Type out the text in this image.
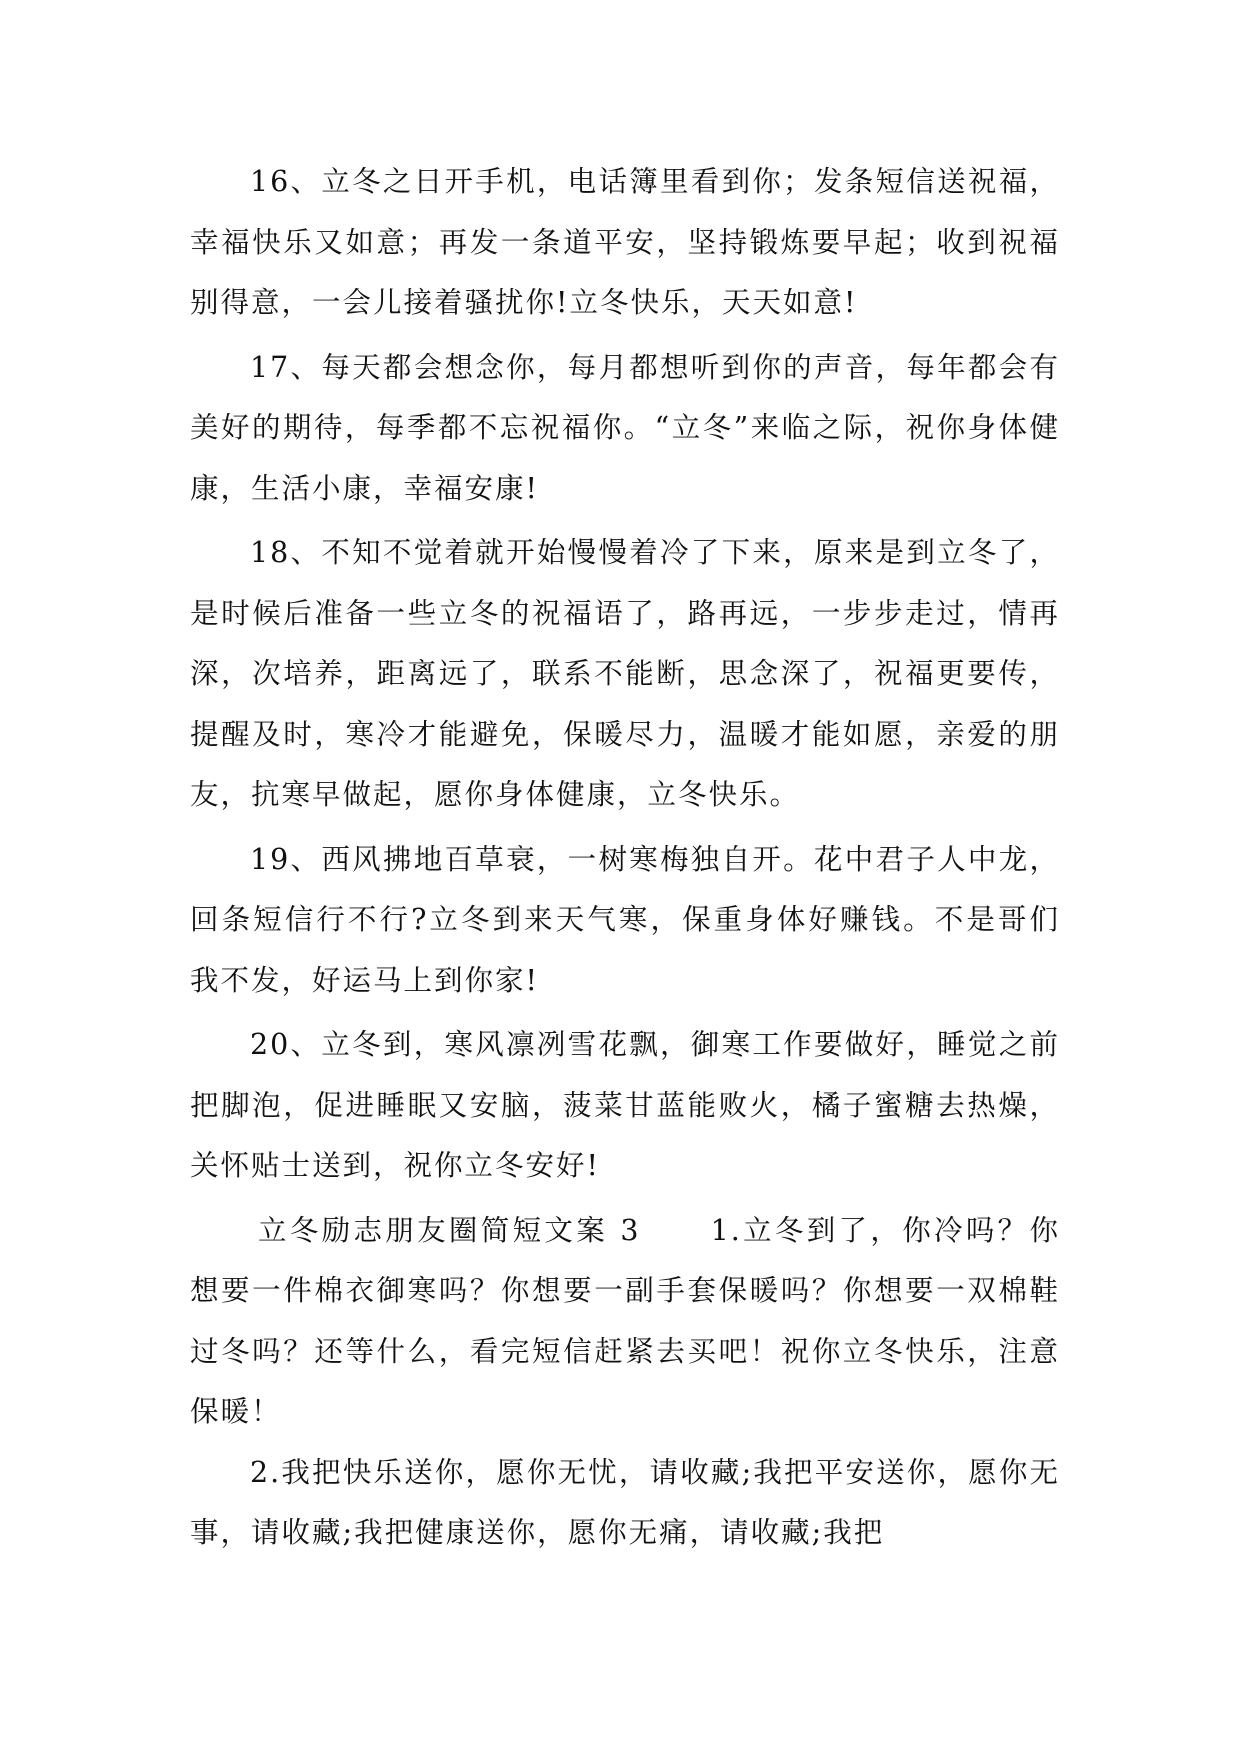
16、立冬之日开手机，电话簿里看到你；发条短信送祝福，幸福快乐又如意；再发一条道平安，坚持锻炼要早起；收到祝福别得意，一会儿接着骚扰你!立冬快乐，天天如意!

17、每天都会想念你，每月都想听到你的声音，每年都会有美好的期待，每季都不忘祝福你。“立冬”来临之际，祝你身体健康，生活小康，幸福安康!

18、不知不觉着就开始慢慢着冷了下来，原来是到立冬了，是时候后准备一些立冬的祝福语了，路再远，一步步走过，情再深，次培养，距离远了，联系不能断，思念深了，祝福更要传，提醒及时，寒冷才能避免，保暖尽力，温暖才能如愿，亲爱的朋友，抗寒早做起，愿你身体健康，立冬快乐。

19、西风拂地百草衰，一树寒梅独自开。花中君子人中龙，回条短信行不行?立冬到来天气寒，保重身体好赚钱。不是哥们我不发，好运马上到你家!

20、立冬到，寒风凛冽雪花飘，御寒工作要做好，睡觉之前把脚泡，促进睡眠又安脑，菠菜甘蓝能败火，橘子蜜糖去热燥，关怀贴士送到，祝你立冬安好!

立冬励志朋友圈简短文案 3 1.立冬到了，你冷吗？你想要一件棉衣御寒吗？你想要一副手套保暖吗？你想要一双棉鞋过冬吗？还等什么，看完短信赶紧去买吧！祝你立冬快乐，注意保暖！

2.我把快乐送你，愿你无忧，请收藏;我把平安送你，愿你无事，请收藏;我把健康送你，愿你无痛，请收藏;我把
